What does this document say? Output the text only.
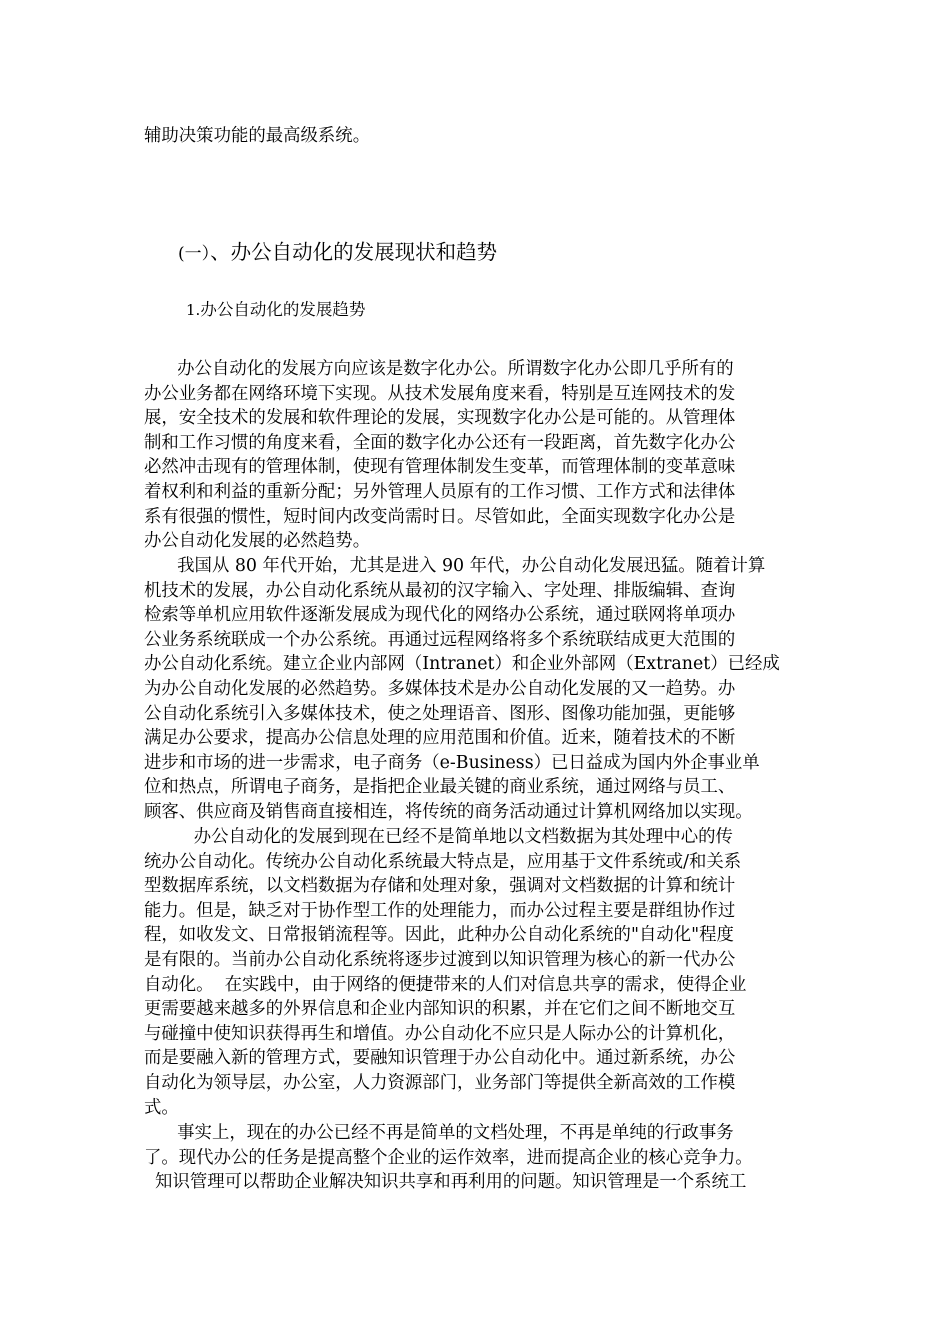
辅助决策功能的最高级系统。
(一）、办公自动化的发展现状和趋势
1.办公自动化的发展趋势
办公自动化的发展方向应该是数字化办公。所谓数字化办公即几乎所有的
办公业务都在网络环境下实现。从技术发展角度来看，特别是互连网技术的发
展，安全技术的发展和软件理论的发展，实现数字化办公是可能的。从管理体
制和工作习惯的角度来看，全面的数字化办公还有一段距离，首先数字化办公
必然冲击现有的管理体制，使现有管理体制发生变革，而管理体制的变革意味
着权利和利益的重新分配；另外管理人员原有的工作习惯、工作方式和法律体
系有很强的惯性，短时间内改变尚需时日。尽管如此，全面实现数字化办公是
办公自动化发展的必然趋势。
我国从 80 年代开始，尤其是进入 90 年代，办公自动化发展迅猛。随着计算
机技术的发展，办公自动化系统从最初的汉字输入、字处理、排版编辑、查询
检索等单机应用软件逐渐发展成为现代化的网络办公系统，通过联网将单项办
公业务系统联成一个办公系统。再通过远程网络将多个系统联结成更大范围的
办公自动化系统。建立企业内部网（Intranet）和企业外部网（Extranet）已经成
为办公自动化发展的必然趋势。多媒体技术是办公自动化发展的又一趋势。办
公自动化系统引入多媒体技术，使之处理语音、图形、图像功能加强，更能够
满足办公要求，提高办公信息处理的应用范围和价值。近来，随着技术的不断
进步和市场的进一步需求，电子商务（e-Business）已日益成为国内外企事业单
位和热点，所谓电子商务，是指把企业最关键的商业系统，通过网络与员工、
顾客、供应商及销售商直接相连，将传统的商务活动通过计算机网络加以实现。
办公自动化的发展到现在已经不是简单地以文档数据为其处理中心的传
统办公自动化。传统办公自动化系统最大特点是，应用基于文件系统或/和关系
型数据库系统，以文档数据为存储和处理对象，强调对文档数据的计算和统计
能力。但是，缺乏对于协作型工作的处理能力，而办公过程主要是群组协作过
程，如收发文、日常报销流程等。因此，此种办公自动化系统的"自动化"程度
是有限的。当前办公自动化系统将逐步过渡到以知识管理为核心的新一代办公
自动化。  在实践中，由于网络的便捷带来的人们对信息共享的需求，使得企业
更需要越来越多的外界信息和企业内部知识的积累，并在它们之间不断地交互
与碰撞中使知识获得再生和增值。办公自动化不应只是人际办公的计算机化，
而是要融入新的管理方式，要融知识管理于办公自动化中。通过新系统，办公
自动化为领导层，办公室，人力资源部门，业务部门等提供全新高效的工作模
式。
事实上，现在的办公已经不再是简单的文档处理，不再是单纯的行政事务
了。现代办公的任务是提高整个企业的运作效率，进而提高企业的核心竞争力。
知识管理可以帮助企业解决知识共享和再利用的问题。知识管理是一个系统工
